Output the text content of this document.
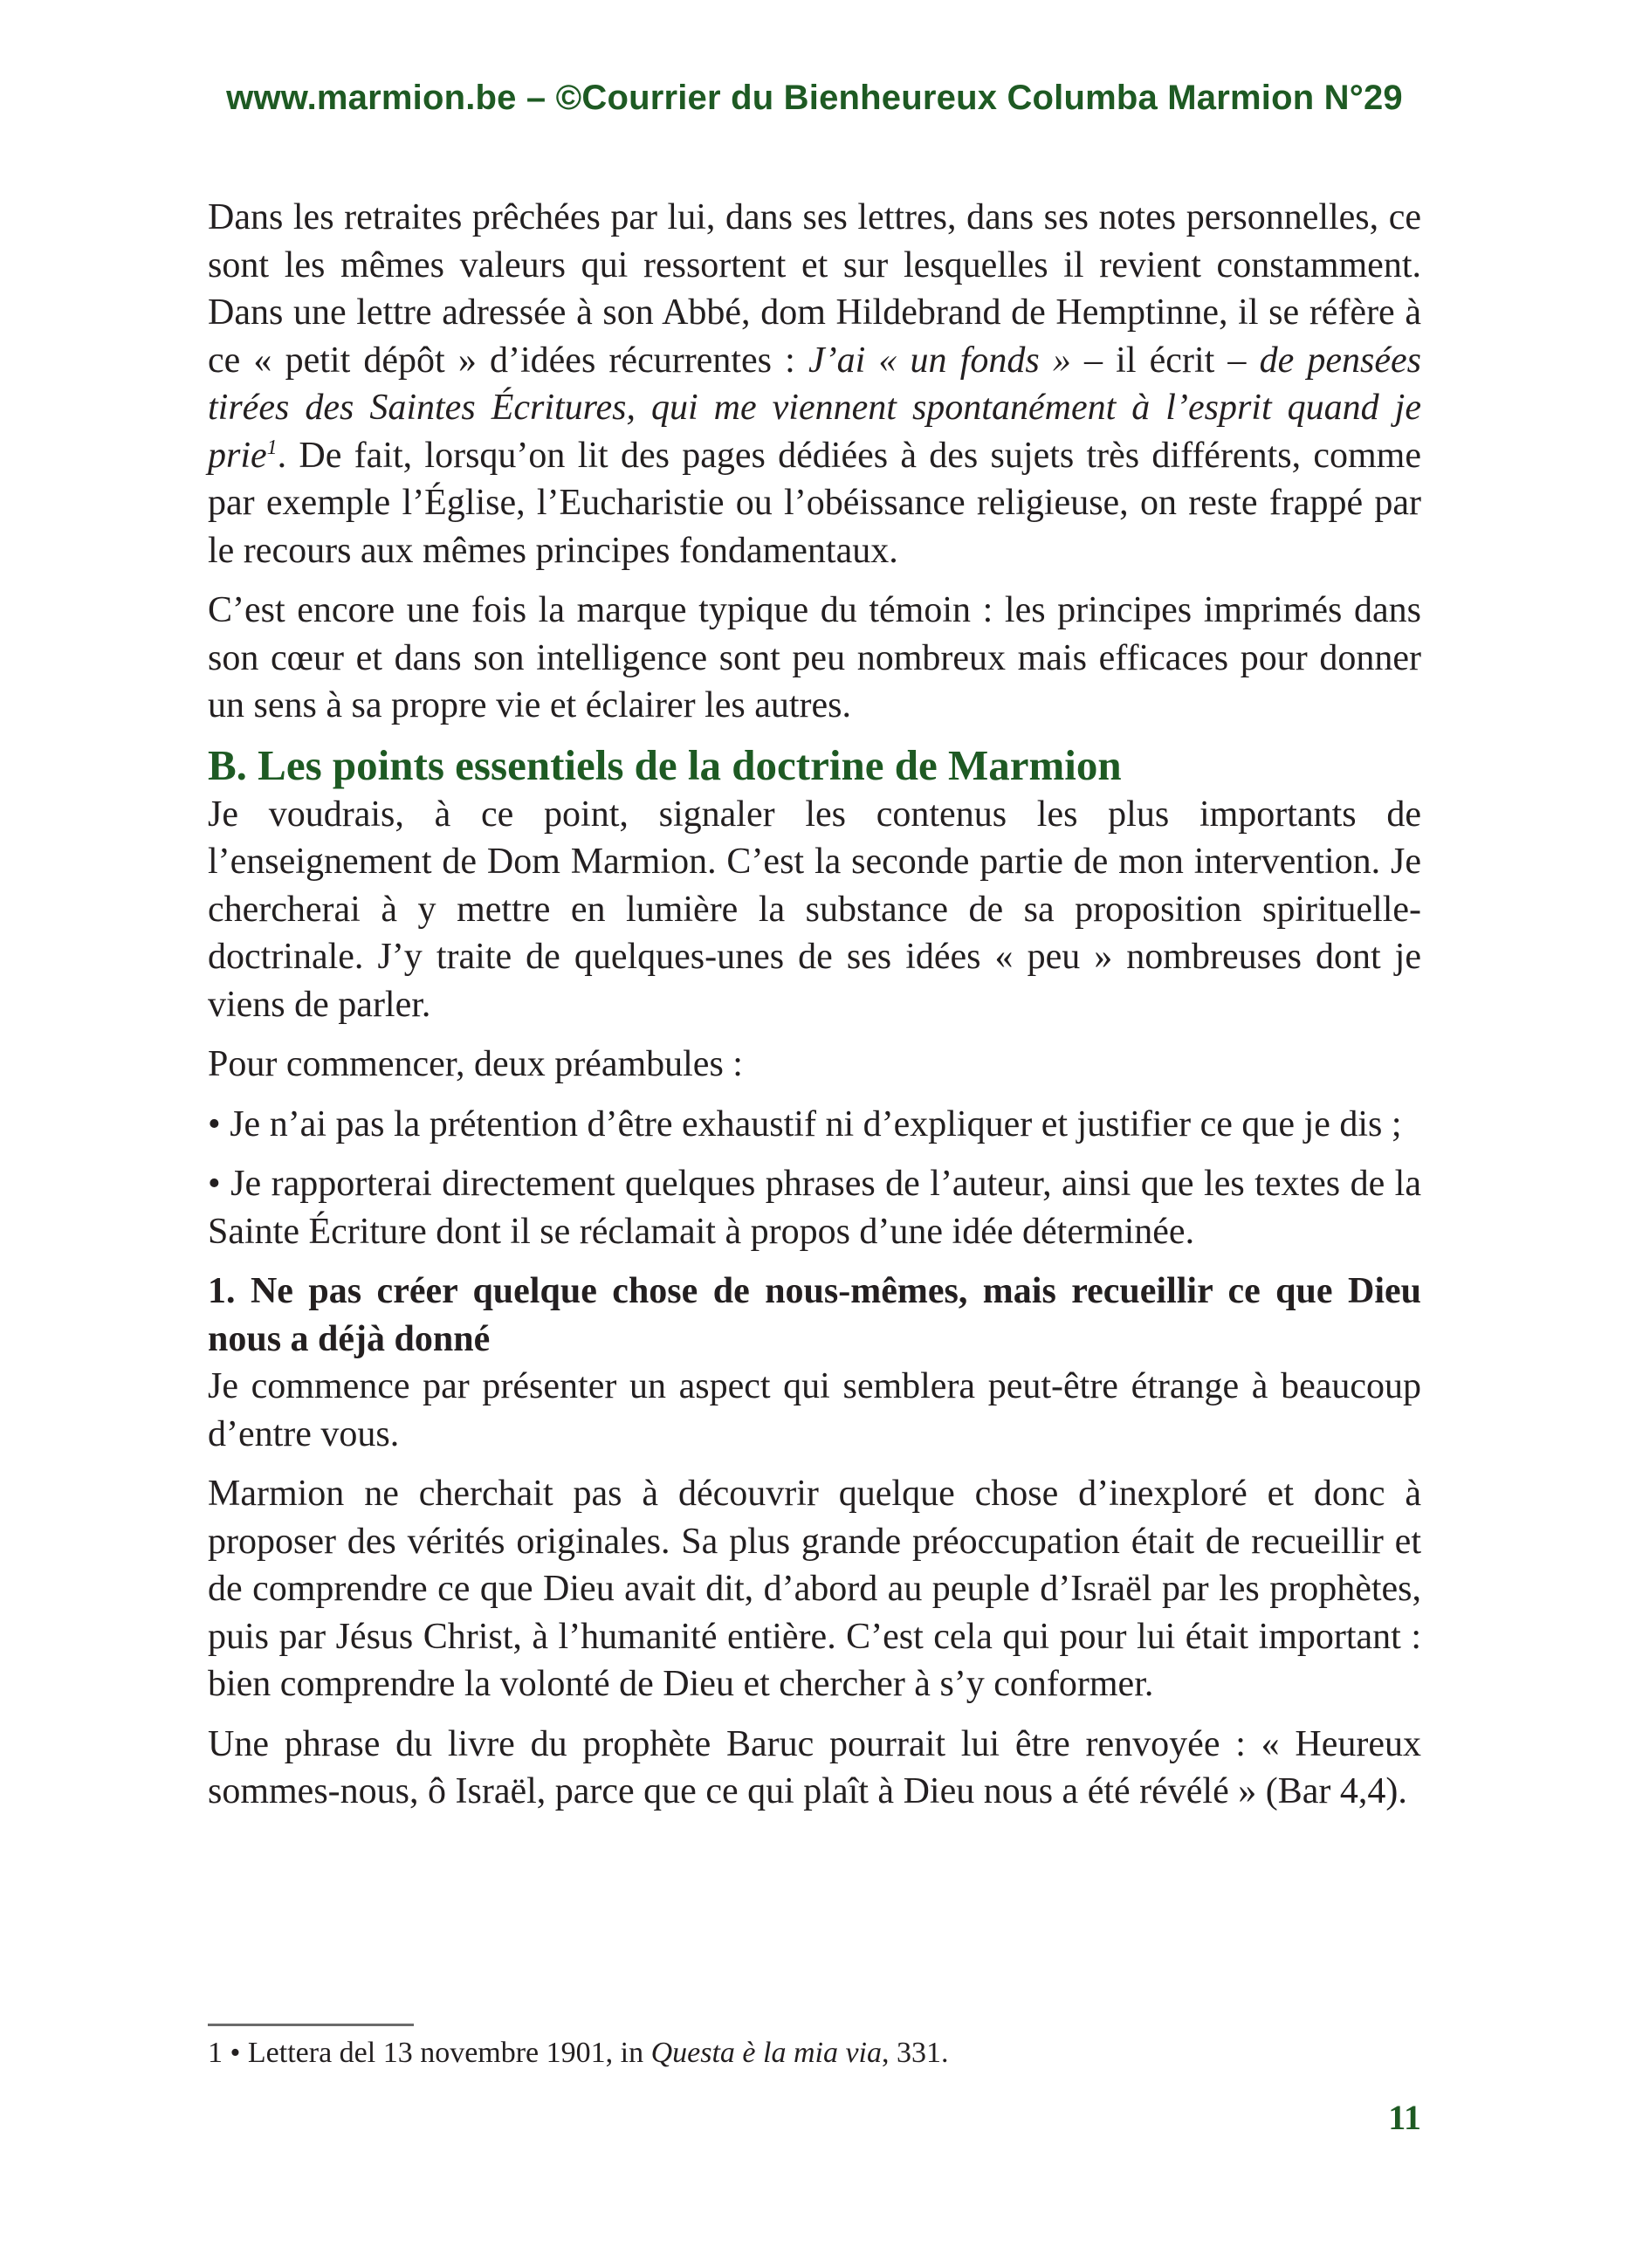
www.marmion.be – ©Courrier du Bienheureux Columba Marmion N°29

Dans les retraites prêchées par lui, dans ses lettres, dans ses notes personnelles, ce sont les mêmes valeurs qui ressortent et sur lesquelles il revient constamment. Dans une lettre adressée à son Abbé, dom Hildebrand de Hemptinne, il se réfère à ce « petit dépôt » d’idées récurrentes : J’ai « un fonds » – il écrit – de pensées tirées des Saintes Écritures, qui me viennent spontanément à l’esprit quand je prie$^1$. De fait, lorsqu’on lit des pages dédiées à des sujets très différents, comme par exemple l’Église, l’Eucharistie ou l’obéissance religieuse, on reste frappé par le recours aux mêmes principes fondamentaux.

C’est encore une fois la marque typique du témoin : les principes imprimés dans son cœur et dans son intelligence sont peu nombreux mais efficaces pour donner un sens à sa propre vie et éclairer les autres.

B. Les points essentiels de la doctrine de Marmion

Je voudrais, à ce point, signaler les contenus les plus importants de l’enseignement de Dom Marmion. C’est la seconde partie de mon intervention. Je chercherai à y mettre en lumière la substance de sa proposition spirituelle-doctrinale. J’y traite de quelques-unes de ses idées « peu » nombreuses dont je viens de parler.

Pour commencer, deux préambules :

• Je n’ai pas la prétention d’être exhaustif ni d’expliquer et justifier ce que je dis ;

• Je rapporterai directement quelques phrases de l’auteur, ainsi que les textes de la Sainte Écriture dont il se réclamait à propos d’une idée déterminée.

1. Ne pas créer quelque chose de nous-mêmes, mais recueillir ce que Dieu nous a déjà donné

Je commence par présenter un aspect qui semblera peut-être étrange à beaucoup d’entre vous.

Marmion ne cherchait pas à découvrir quelque chose d’inexploré et donc à proposer des vérités originales. Sa plus grande préoccupation était de recueillir et de comprendre ce que Dieu avait dit, d’abord au peuple d’Israël par les prophètes, puis par Jésus Christ, à l’humanité entière. C’est cela qui pour lui était important : bien comprendre la volonté de Dieu et chercher à s’y conformer.

Une phrase du livre du prophète Baruc pourrait lui être renvoyée : « Heureux sommes-nous, ô Israël, parce que ce qui plaît à Dieu nous a été révélé » (Bar 4,4).

1 • Lettera del 13 novembre 1901, in Questa è la mia via, 331.
11
